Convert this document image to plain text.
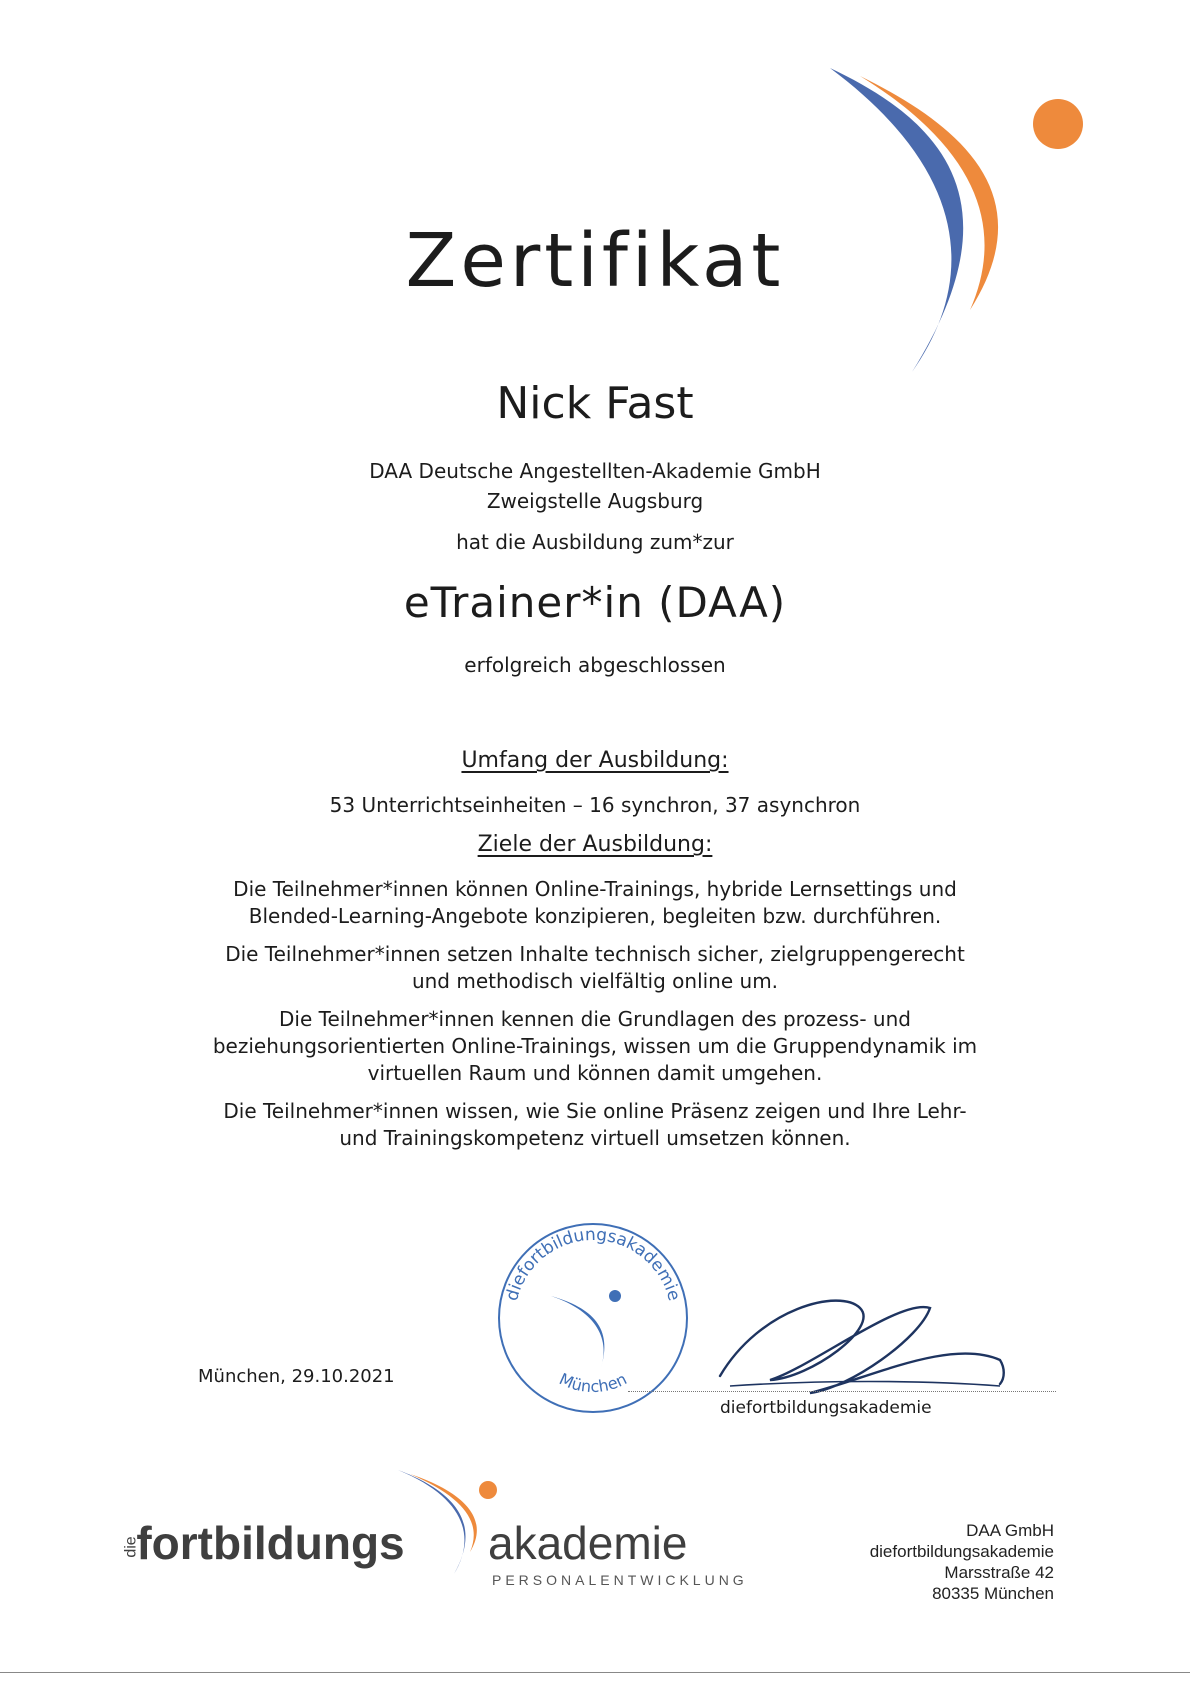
Zertifikat
Nick Fast
DAA Deutsche Angestellten-Akademie GmbH
Zweigstelle Augsburg
hat die Ausbildung zum*zur
eTrainer*in (DAA)
erfolgreich abgeschlossen
Umfang der Ausbildung:
53 Unterrichtseinheiten – 16 synchron, 37 asynchron
Ziele der Ausbildung:

Die Teilnehmer*innen können Online-Trainings, hybride Lernsettings und Blended-Learning-Angebote konzipieren, begleiten bzw. durchführen.

Die Teilnehmer*innen setzen Inhalte technisch sicher, zielgruppengerecht und methodisch vielfältig online um.

Die Teilnehmer*innen kennen die Grundlagen des prozess- und beziehungsorientierten Online-Trainings, wissen um die Gruppendynamik im virtuellen Raum und können damit umgehen.

Die Teilnehmer*innen wissen, wie Sie online Präsenz zeigen und Ihre Lehr- und Trainingskompetenz virtuell umsetzen können.

diefortbildungsakademie
München
München, 29.10.2021
diefortbildungsakademie
diefortbildungs akademie
PERSONALENTWICKLUNG
DAA GmbH
diefortbildungsakademie
Marsstraße 42
80335 München
